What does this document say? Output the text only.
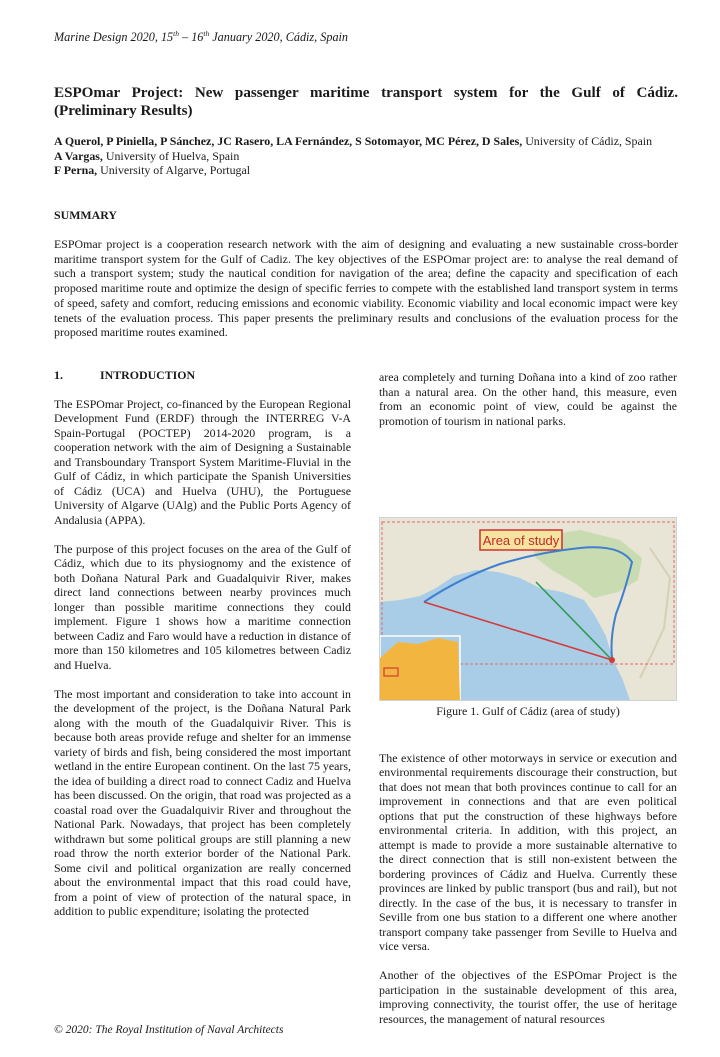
Marine Design 2020, 15th – 16th January 2020, Cádiz, Spain
ESPOmar Project: New passenger maritime transport system for the Gulf of Cádiz. (Preliminary Results)
A Querol, P Piniella, P Sánchez, JC Rasero, LA Fernández, S Sotomayor, MC Pérez, D Sales, University of Cádiz, Spain
A Vargas, University of Huelva, Spain
F Perna, University of Algarve, Portugal
SUMMARY

ESPOmar project is a cooperation research network with the aim of designing and evaluating a new sustainable cross-border maritime transport system for the Gulf of Cadiz. The key objectives of the ESPOmar project are: to analyse the real demand of such a transport system; study the nautical condition for navigation of the area; define the capacity and specification of each proposed maritime route and optimize the design of specific ferries to compete with the established land transport system in terms of speed, safety and comfort, reducing emissions and economic viability. Economic viability and local economic impact were key tenets of the evaluation process. This paper presents the preliminary results and conclusions of the evaluation process for the proposed maritime routes examined.

1.	INTRODUCTION

The ESPOmar Project, co-financed by the European Regional Development Fund (ERDF) through the INTERREG V-A Spain-Portugal (POCTEP) 2014-2020 program, is a cooperation network with the aim of Designing a Sustainable and Transboundary Transport System Maritime-Fluvial in the Gulf of Cádiz, in which participate the Spanish Universities of Cádiz (UCA) and Huelva (UHU), the Portuguese University of Algarve (UAlg) and the Public Ports Agency of Andalusia (APPA).

The purpose of this project focuses on the area of the Gulf of Cádiz, which due to its physiognomy and the existence of both Doñana Natural Park and Guadalquivir River, makes direct land connections between nearby provinces much longer than possible maritime connections they could implement. Figure 1 shows how a maritime connection between Cadiz and Faro would have a reduction in distance of more than 150 kilometres and 105 kilometres between Cadiz and Huelva.

The most important and consideration to take into account in the development of the project, is the Doñana Natural Park along with the mouth of the Guadalquivir River. This is because both areas provide refuge and shelter for an immense variety of birds and fish, being considered the most important wetland in the entire European continent. On the last 75 years, the idea of building a direct road to connect Cadiz and Huelva has been discussed. On the origin, that road was projected as a coastal road over the Guadalquivir River and throughout the National Park. Nowadays, that project has been completely withdrawn but some political groups are still planning a new road throw the north exterior border of the National Park. Some civil and political organization are really concerned about the environmental impact that this road could have, from a point of view of protection of the natural space, in addition to public expenditure; isolating the protected

area completely and turning Doñana into a kind of zoo rather than a natural area. On the other hand, this measure, even from an economic point of view, could be against the promotion of tourism in national parks.

Area of study
Figure 1. Gulf of Cádiz (area of study)

The existence of other motorways in service or execution and environmental requirements discourage their construction, but that does not mean that both provinces continue to call for an improvement in connections and that are even political options that put the construction of these highways before environmental criteria. In addition, with this project, an attempt is made to provide a more sustainable alternative to the direct connection that is still non-existent between the bordering provinces of Cádiz and Huelva. Currently these provinces are linked by public transport (bus and rail), but not directly. In the case of the bus, it is necessary to transfer in Seville from one bus station to a different one where another transport company take passenger from Seville to Huelva and vice versa.

Another of the objectives of the ESPOmar Project is the participation in the sustainable development of this area, improving connectivity, the tourist offer, the use of heritage resources, the management of natural resources

© 2020: The Royal Institution of Naval Architects
